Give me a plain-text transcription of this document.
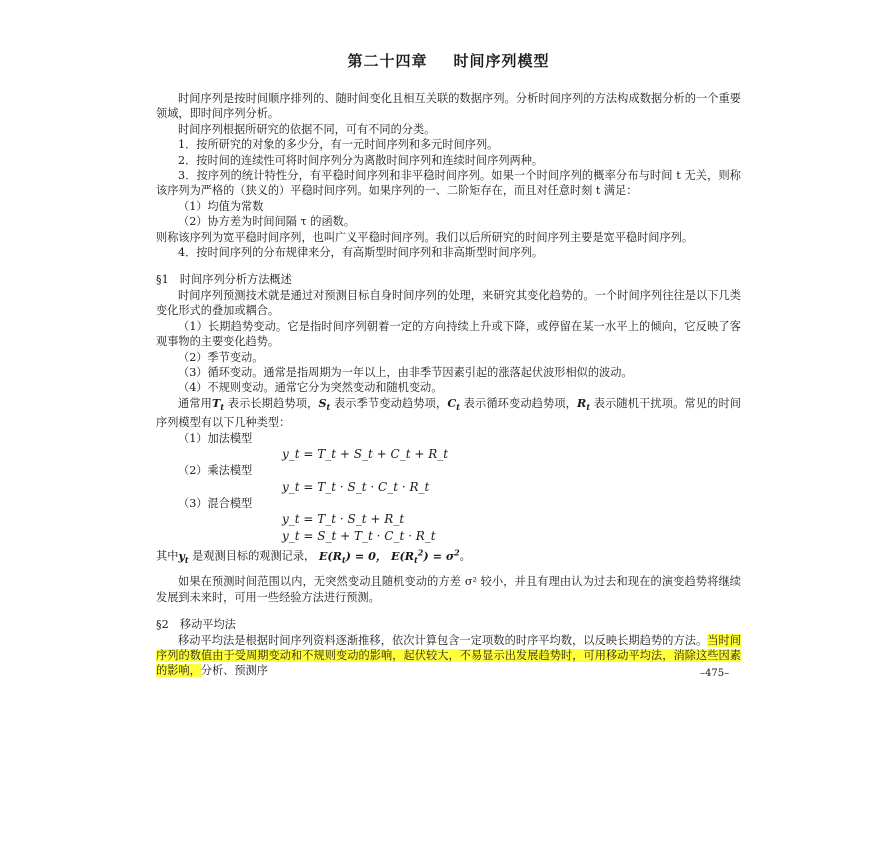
第二十四章 时间序列模型

时间序列是按时间顺序排列的、随时间变化且相互关联的数据序列。分析时间序列的方法构成数据分析的一个重要领域，即时间序列分析。

时间序列根据所研究的依据不同，可有不同的分类。

1．按所研究的对象的多少分，有一元时间序列和多元时间序列。

2．按时间的连续性可将时间序列分为离散时间序列和连续时间序列两种。

3．按序列的统计特性分，有平稳时间序列和非平稳时间序列。如果一个时间序列的概率分布与时间 t 无关，则称该序列为严格的（狭义的）平稳时间序列。如果序列的一、二阶矩存在，而且对任意时刻 t 满足：

（1）均值为常数

（2）协方差为时间间隔 τ 的函数。

则称该序列为宽平稳时间序列，也叫广义平稳时间序列。我们以后所研究的时间序列主要是宽平稳时间序列。

4．按时间序列的分布规律来分，有高斯型时间序列和非高斯型时间序列。

§1　时间序列分析方法概述

时间序列预测技术就是通过对预测目标自身时间序列的处理，来研究其变化趋势的。一个时间序列往往是以下几类变化形式的叠加或耦合。

（1）长期趋势变动。它是指时间序列朝着一定的方向持续上升或下降，或停留在某一水平上的倾向，它反映了客观事物的主要变化趋势。

（2）季节变动。

（3）循环变动。通常是指周期为一年以上，由非季节因素引起的涨落起伏波形相似的波动。

（4）不规则变动。通常它分为突然变动和随机变动。

通常用$T_t$ 表示长期趋势项，$S_t$ 表示季节变动趋势项，$C_t$ 表示循环变动趋势项，$R_t$ 表示随机干扰项。常见的时间序列模型有以下几种类型：

（1）加法模型

y_t = T_t + S_t + C_t + R_t

（2）乘法模型

y_t = T_t · S_t · C_t · R_t

（3）混合模型

y_t = T_t · S_t + R_t
y_t = S_t + T_t · C_t · R_t

其中$y_t$ 是观测目标的观测记录， $E(R_t) = 0$， $E(R_t^2) = \sigma^2$。

如果在预测时间范围以内，无突然变动且随机变动的方差 σ² 较小，并且有理由认为过去和现在的演变趋势将继续发展到未来时，可用一些经验方法进行预测。

§2　移动平均法

移动平均法是根据时间序列资料逐渐推移，依次计算包含一定项数的时序平均数，以反映长期趋势的方法。当时间序列的数值由于受周期变动和不规则变动的影响，起伏较大，不易显示出发展趋势时，可用移动平均法，消除这些因素的影响，分析、预测序	–475–
